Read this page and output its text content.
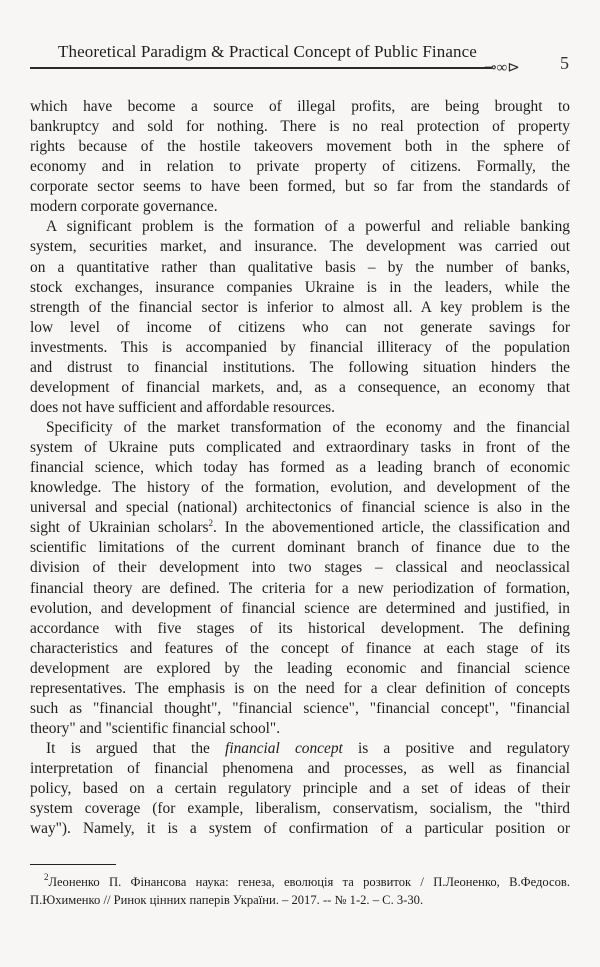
Theoretical Paradigm & Practical Concept of Public Finance
⊸∞⊳ 5
which have become a source of illegal profits, are being brought to
bankruptcy and sold for nothing. There is no real protection of property
rights because of the hostile takeovers movement both in the sphere of
economy and in relation to private property of citizens. Formally, the
corporate sector seems to have been formed, but so far from the standards of
modern corporate governance.
A significant problem is the formation of a powerful and reliable banking
system, securities market, and insurance. The development was carried out
on a quantitative rather than qualitative basis – by the number of banks,
stock exchanges, insurance companies Ukraine is in the leaders, while the
strength of the financial sector is inferior to almost all. A key problem is the
low level of income of citizens who can not generate savings for
investments. This is accompanied by financial illiteracy of the population
and distrust to financial institutions. The following situation hinders the
development of financial markets, and, as a consequence, an economy that
does not have sufficient and affordable resources.
Specificity of the market transformation of the economy and the financial
system of Ukraine puts complicated and extraordinary tasks in front of the
financial science, which today has formed as a leading branch of economic
knowledge. The history of the formation, evolution, and development of the
universal and special (national) architectonics of financial science is also in the
sight of Ukrainian scholars$^2$. In the abovementioned article, the classification and
scientific limitations of the current dominant branch of finance due to the
division of their development into two stages – classical and neoclassical
financial theory are defined. The criteria for a new periodization of formation,
evolution, and development of financial science are determined and justified, in
accordance with five stages of its historical development. The defining
characteristics and features of the concept of finance at each stage of its
development are explored by the leading economic and financial science
representatives. The emphasis is on the need for a clear definition of concepts
such as "financial thought", "financial science", "financial concept", "financial
theory" and "scientific financial school".
It is argued that the financial concept is a positive and regulatory
interpretation of financial phenomena and processes, as well as financial
policy, based on a certain regulatory principle and a set of ideas of their
system coverage (for example, liberalism, conservatism, socialism, the "third
way"). Namely, it is a system of confirmation of a particular position or
$^2$Леоненко П. Фінансова наука: генеза, еволюція та розвиток / П.Леоненко, В.Федосов.
П.Юхименко // Ринок цінних паперів України. – 2017. -- № 1-2. – С. 3-30.
